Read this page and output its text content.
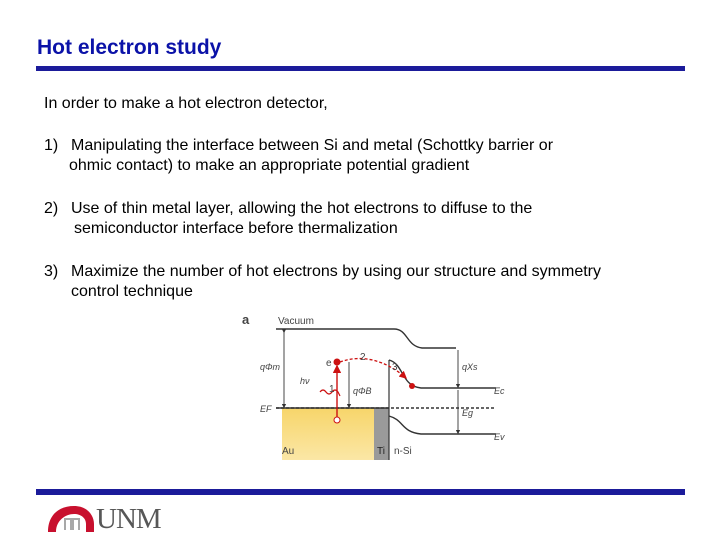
Hot electron study

In order to make a hot electron detector,

1) Manipulating the interface between Si and metal (Schottky barrier or
ohmic contact) to make an appropriate potential gradient
2) Use of thin metal layer, allowing the hot electrons to diffuse to the
semiconductor interface before thermalization
3) Maximize the number of hot electrons by using our structure and symmetry
control technique
a	Vacuum
qΦm
hν
EF
e
1
2
3
qΦB
qXs
Ec
Eg
Ev
Au	Ti n-Si
UNM
